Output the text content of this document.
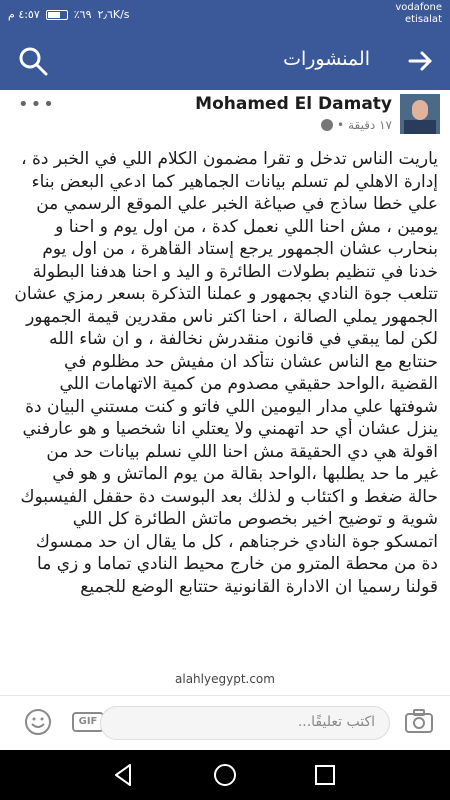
٤:٥٧ م	٪٦٩ ٢٫٦K/s
vodafone
etisalat
المنشورات
Mohamed El Damaty
١٧ دقيقة
•
•••
ياريت الناس تدخل و تقرا مضمون الكلام اللي في الخبر دة ،
إدارة الاهلي لم تسلم بيانات الجماهير كما ادعي البعض بناء
علي خطا ساذج في صياغة الخبر علي الموقع الرسمي من
يومين ، مش احنا اللي نعمل كدة ، من اول يوم و احنا و
بنحارب عشان الجمهور يرجع إستاد القاهرة ، من اول يوم
خدنا في تنظيم بطولات الطائرة و اليد و احنا هدفنا البطولة
تتلعب جوة النادي بجمهور و عملنا التذكرة بسعر رمزي عشان
الجمهور يملي الصالة ، احنا اكتر ناس مقدرين قيمة الجمهور
لكن لما يبقي في قانون منقدرش نخالفة ، و ان شاء الله
حنتابع مع الناس عشان نتأكد ان مفيش حد مظلوم في
القضية ،الواحد حقيقي مصدوم من كمية الاتهامات اللي
شوفتها علي مدار اليومين اللي فاتو و كنت مستني البيان دة
ينزل عشان أي حد اتهمني ولا يعتلي انا شخصيا و هو عارفني
اقولة هي دي الحقيقة مش احنا اللي نسلم بيانات حد من
غير ما حد يطلبها ،الواحد بقالة من يوم الماتش و هو في
حالة ضغط و اكتئاب و لذلك بعد البوست دة حقفل الفيسبوك
شوية و توضيح اخير بخصوص ماتش الطائرة كل اللي
اتمسكو جوة النادي خرجناهم ، كل ما يقال ان حد ممسوك
دة من محطة المترو من خارج محيط النادي تماما و زي ما
قولنا رسميا ان الادارة القانونية حتتابع الوضع للجميع
alahlyegypt.com
GIF	اكتب تعليقًا...
